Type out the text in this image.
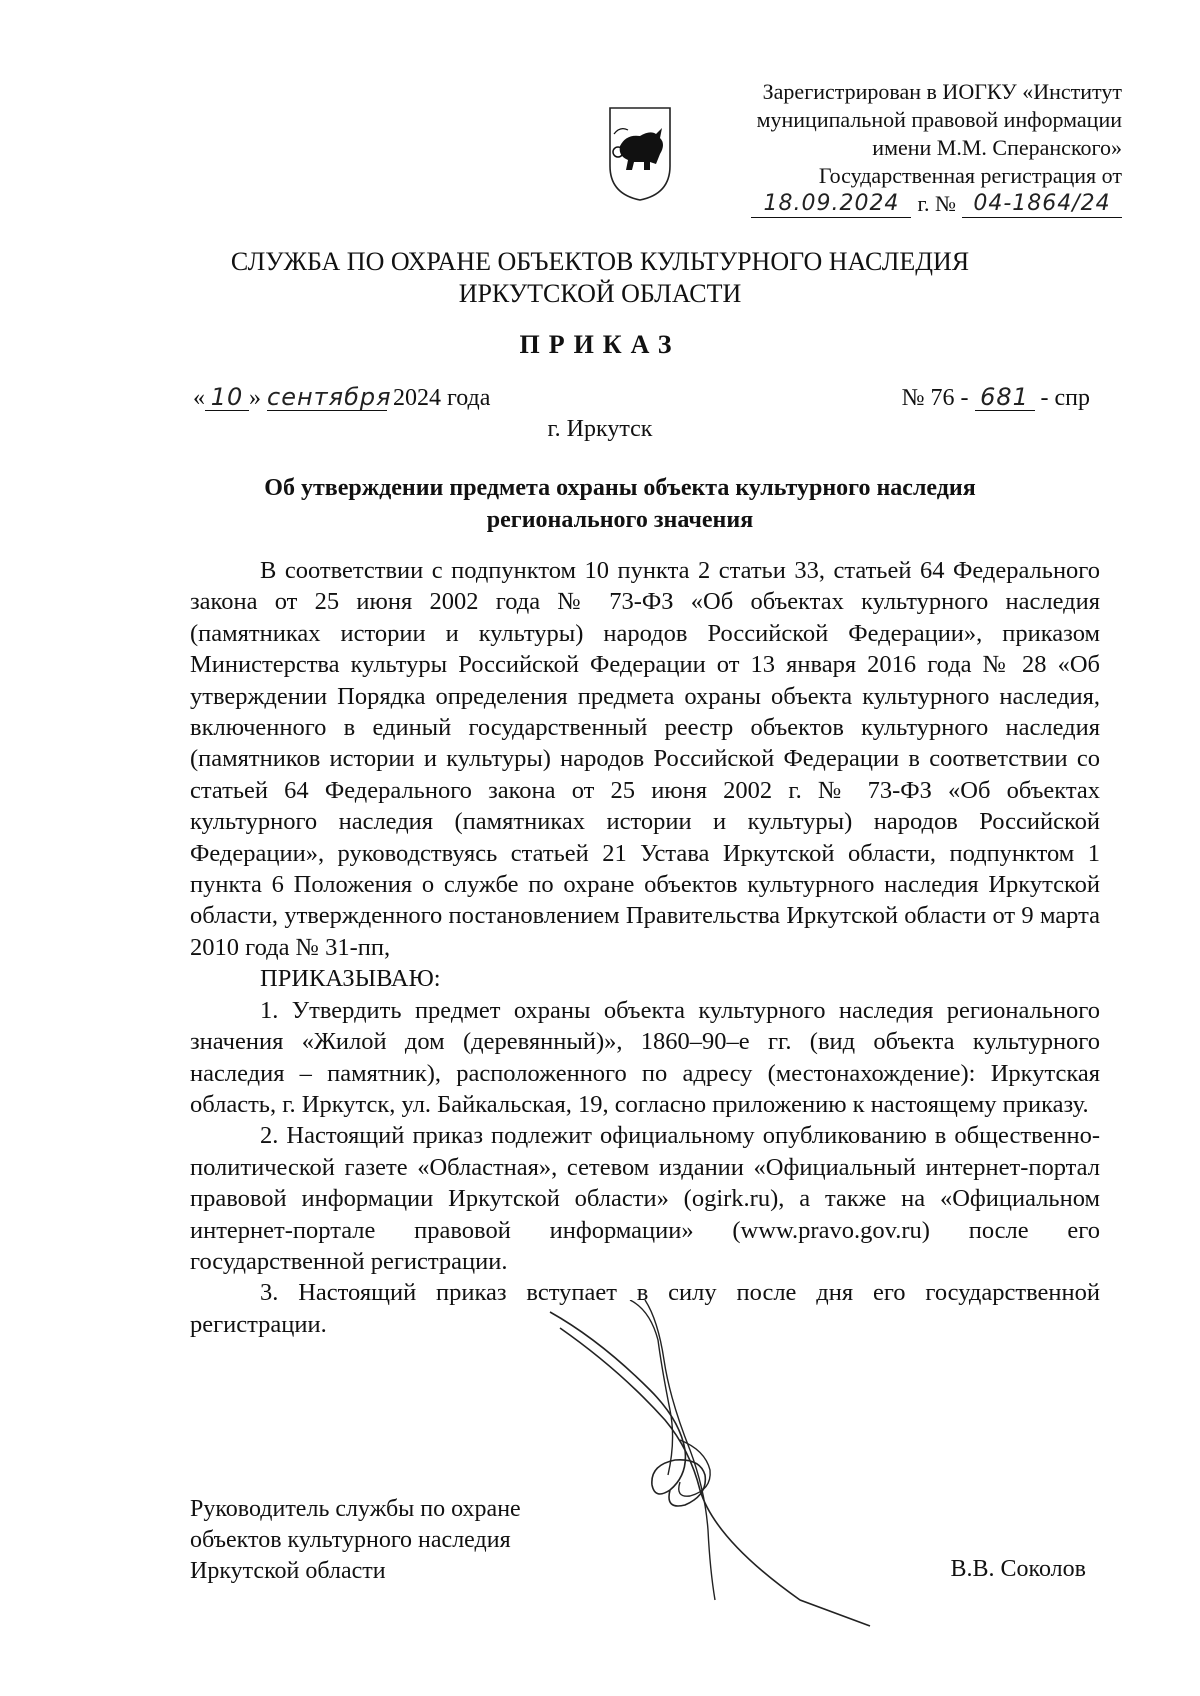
Зарегистрирован в ИОГКУ «Институт
муниципальной правовой информации
имени М.М. Сперанского»
Государственная регистрация от
18.09.2024 г. № 04-1864/24
СЛУЖБА ПО ОХРАНЕ ОБЪЕКТОВ КУЛЬТУРНОГО НАСЛЕДИЯ
ИРКУТСКОЙ ОБЛАСТИ
ПРИКАЗ
« 10 » сентября 2024 года	№ 76 - 681 - спр
г. Иркутск
Об утверждении предмета охраны объекта культурного наследия
регионального значения

В соответствии с подпунктом 10 пункта 2 статьи 33, статьей 64 Федерального закона от 25 июня 2002 года № 73-ФЗ «Об объектах культурного наследия (памятниках истории и культуры) народов Российской Федерации», приказом Министерства культуры Российской Федерации от 13 января 2016 года № 28 «Об утверждении Порядка определения предмета охраны объекта культурного наследия, включенного в единый государственный реестр объектов культурного наследия (памятников истории и культуры) народов Российской Федерации в соответствии со статьей 64 Федерального закона от 25 июня 2002 г. № 73-ФЗ «Об объектах культурного наследия (памятниках истории и культуры) народов Российской Федерации», руководствуясь статьей 21 Устава Иркутской области, подпунктом 1 пункта 6 Положения о службе по охране объектов культурного наследия Иркутской области, утвержденного постановлением Правительства Иркутской области от 9 марта 2010 года № 31-пп,

ПРИКАЗЫВАЮ:

1. Утвердить предмет охраны объекта культурного наследия регионального значения «Жилой дом (деревянный)», 1860–90–е гг. (вид объекта культурного наследия – памятник), расположенного по адресу (местонахождение): Иркутская область, г. Иркутск, ул. Байкальская, 19, согласно приложению к настоящему приказу.

2. Настоящий приказ подлежит официальному опубликованию в общественно-политической газете «Областная», сетевом издании «Официальный интернет-портал правовой информации Иркутской области» (ogirk.ru), а также на «Официальном интернет-портале правовой информации» (www.pravo.gov.ru) после его государственной регистрации.

3. Настоящий приказ вступает в силу после дня его государственной регистрации.

Руководитель службы по охране
объектов культурного наследия
Иркутской области	В.В. Соколов
